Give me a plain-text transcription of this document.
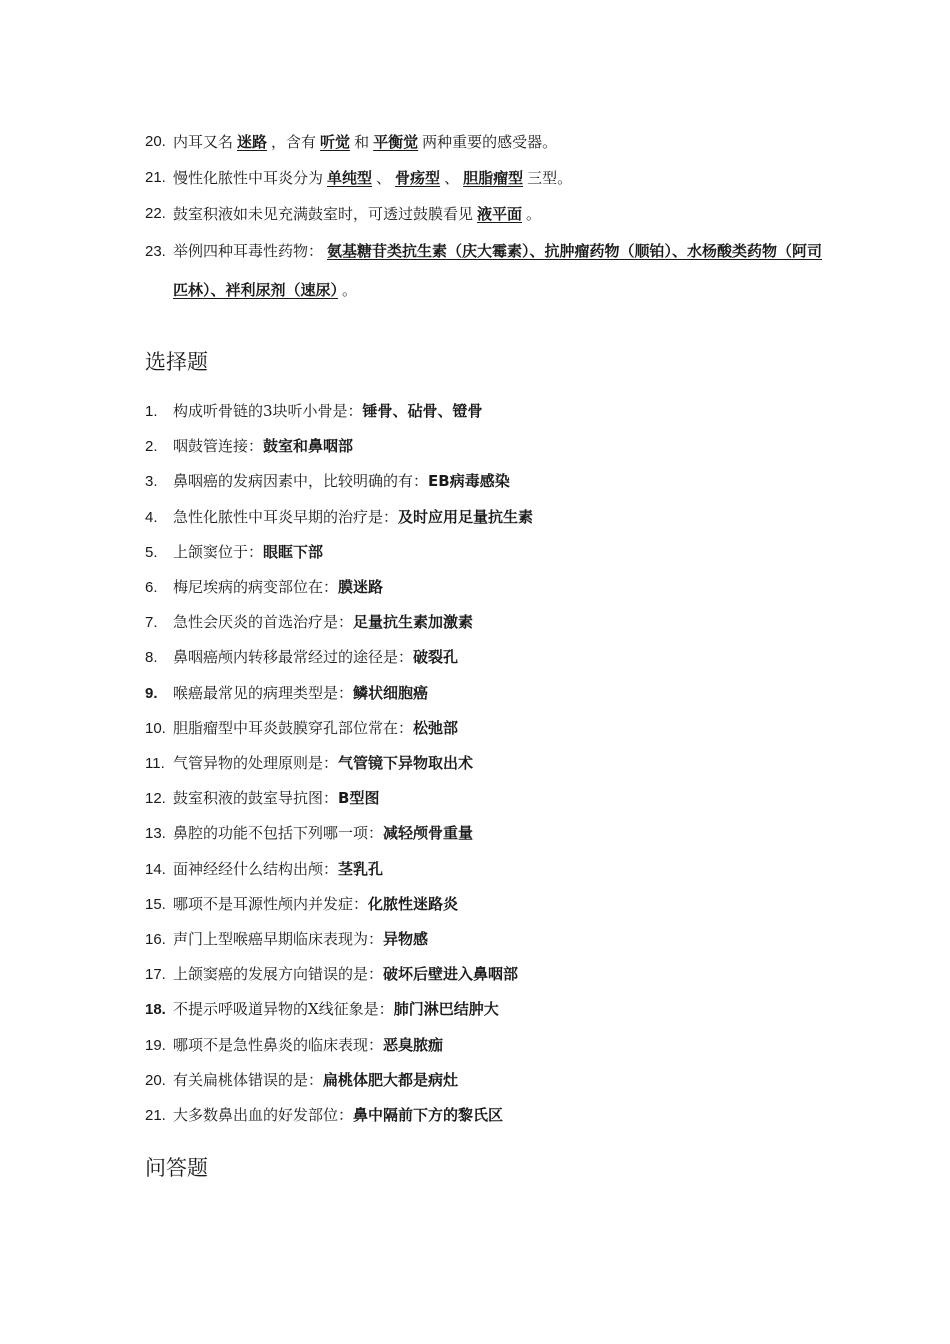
20. 内耳又名 迷路 ，含有 听觉 和 平衡觉 两种重要的感受器。
21. 慢性化脓性中耳炎分为 单纯型 、 骨疡型 、 胆脂瘤型 三型。
22. 鼓室积液如未见充满鼓室时，可透过鼓膜看见 液平面 。
23. 举例四种耳毒性药物： 氨基糖苷类抗生素（庆大霉素）、抗肿瘤药物（顺铂）、水杨酸类药物（阿司匹林）、袢利尿剂（速尿） 。
选择题
1. 构成听骨链的3块听小骨是：锤骨、砧骨、镫骨
2. 咽鼓管连接：鼓室和鼻咽部
3. 鼻咽癌的发病因素中，比较明确的有：EB病毒感染
4. 急性化脓性中耳炎早期的治疗是：及时应用足量抗生素
5. 上颌窦位于：眼眶下部
6. 梅尼埃病的病变部位在：膜迷路
7. 急性会厌炎的首选治疗是：足量抗生素加激素
8. 鼻咽癌颅内转移最常经过的途径是：破裂孔
9. 喉癌最常见的病理类型是：鳞状细胞癌
10. 胆脂瘤型中耳炎鼓膜穿孔部位常在：松弛部
11. 气管异物的处理原则是：气管镜下异物取出术
12. 鼓室积液的鼓室导抗图：B型图
13. 鼻腔的功能不包括下列哪一项：减轻颅骨重量
14. 面神经经什么结构出颅：茎乳孔
15. 哪项不是耳源性颅内并发症：化脓性迷路炎
16. 声门上型喉癌早期临床表现为：异物感
17. 上颌窦癌的发展方向错误的是：破坏后壁进入鼻咽部
18. 不提示呼吸道异物的X线征象是：肺门淋巴结肿大
19. 哪项不是急性鼻炎的临床表现：恶臭脓痂
20. 有关扁桃体错误的是：扁桃体肥大都是病灶
21. 大多数鼻出血的好发部位：鼻中隔前下方的黎氏区
问答题
